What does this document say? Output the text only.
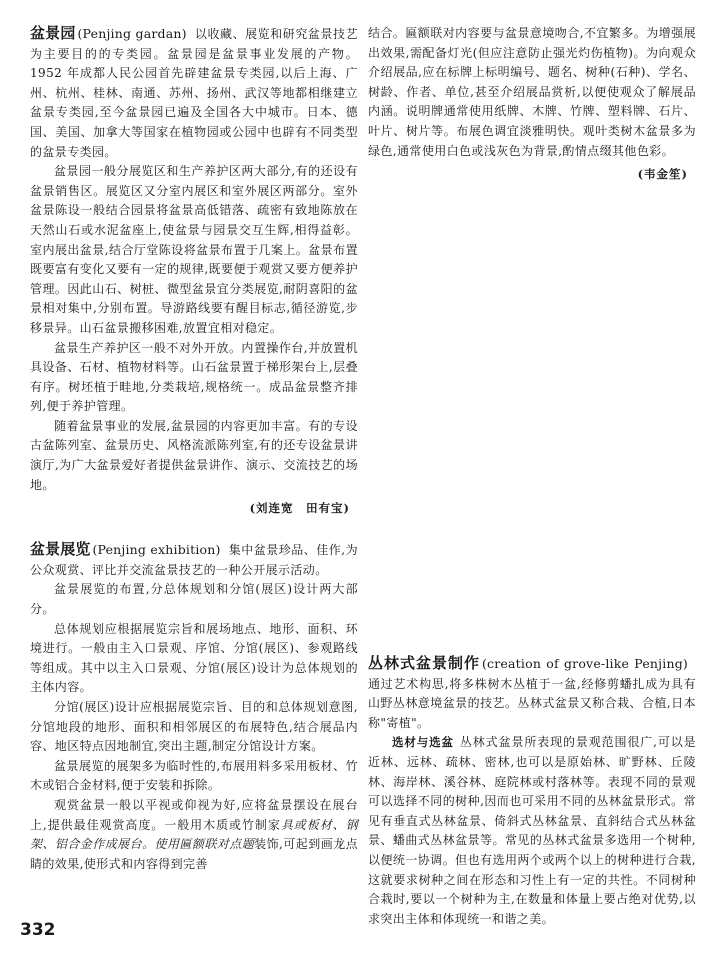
盆景园 (Penjing gardan) 以收藏、展览和研究盆景技艺为主要目的的专类园。盆景园是盆景事业发展的产物。1952 年成都人民公园首先辟建盆景专类园,以后上海、广州、杭州、桂林、南通、苏州、扬州、武汉等地都相继建立盆景专类园,至今盆景园已遍及全国各大中城市。日本、德国、美国、加拿大等国家在植物园或公园中也辟有不同类型的盆景专类园。

盆景园一般分展览区和生产养护区两大部分,有的还设有盆景销售区。展览区又分室内展区和室外展区两部分。室外盆景陈设一般结合园景将盆景高低错落、疏密有致地陈放在天然山石或水泥盆座上,使盆景与园景交互生辉,相得益彰。室内展出盆景,结合厅堂陈设将盆景布置于几案上。盆景布置既要富有变化又要有一定的规律,既要便于观赏又要方便养护管理。因此山石、树桩、微型盆景宜分类展览,耐阴喜阳的盆景相对集中,分别布置。导游路线要有醒目标志,循径游览,步移景异。山石盆景搬移困难,放置宜相对稳定。

盆景生产养护区一般不对外开放。内置操作台,并放置机具设备、石材、植物材料等。山石盆景置于梯形架台上,层叠有序。树坯植于畦地,分类栽培,规格统一。成品盆景整齐排列,便于养护管理。

随着盆景事业的发展,盆景园的内容更加丰富。有的专设古盆陈列室、盆景历史、风格流派陈列室,有的还专设盆景讲演厅,为广大盆景爱好者提供盆景讲作、演示、交流技艺的场地。

(刘连宽　田有宝)

盆景展览 (Penjing exhibition) 集中盆景珍品、佳作,为公众观赏、评比并交流盆景技艺的一种公开展示活动。

盆景展览的布置,分总体规划和分馆(展区)设计两大部分。

总体规划应根据展览宗旨和展场地点、地形、面积、环境进行。一般由主入口景观、序馆、分馆(展区)、参观路线等组成。其中以主入口景观、分馆(展区)设计为总体规划的主体内容。

分馆(展区)设计应根据展览宗旨、目的和总体规划意图,分馆地段的地形、面积和相邻展区的布展特色,结合展品内容、地区特点因地制宜,突出主题,制定分馆设计方案。

盆景展览的展架多为临时性的,布展用料多采用板材、竹木或铝合金材料,便于安装和拆除。

观赏盆景一般以平视或仰视为好,应将盆景摆设在展台上,提供最佳观赏高度。一般用木质或竹制家具或板材、钢架、铝合金作成展台。使用匾额联对点题装饰,可起到画龙点睛的效果,使形式和内容得到完善

结合。匾额联对内容要与盆景意境吻合,不宜繁多。为增强展出效果,需配备灯光(但应注意防止强光灼伤植物)。为向观众介绍展品,应在标牌上标明编号、题名、树种(石种)、学名、树龄、作者、单位,甚至介绍展品赏析,以便使观众了解展品内涵。说明牌通常使用纸牌、木牌、竹牌、塑料牌、石片、叶片、树片等。布展色调宜淡雅明快。观叶类树木盆景多为绿色,通常使用白色或浅灰色为背景,酌情点缀其他色彩。

(韦金笙)

丛林式盆景制作 (creation of grove-like Penjing)通过艺术构思,将多株树木丛植于一盆,经修剪蟠扎成为具有山野丛林意境盆景的技艺。丛林式盆景又称合栽、合植,日本称"寄植"。

选材与选盆 丛林式盆景所表现的景观范围很广,可以是近林、远林、疏林、密林,也可以是原始林、旷野林、丘陵林、海岸林、溪谷林、庭院林或村落林等。表现不同的景观可以选择不同的树种,因而也可采用不同的丛林盆景形式。常见有垂直式丛林盆景、倚斜式丛林盆景、直斜结合式丛林盆景、蟠曲式丛林盆景等。常见的丛林式盆景多选用一个树种,以便统一协调。但也有选用两个或两个以上的树种进行合栽,这就要求树种之间在形态和习性上有一定的共性。不同树种合栽时,要以一个树种为主,在数量和体量上要占绝对优势,以求突出主体和体现统一和谐之美。

332
